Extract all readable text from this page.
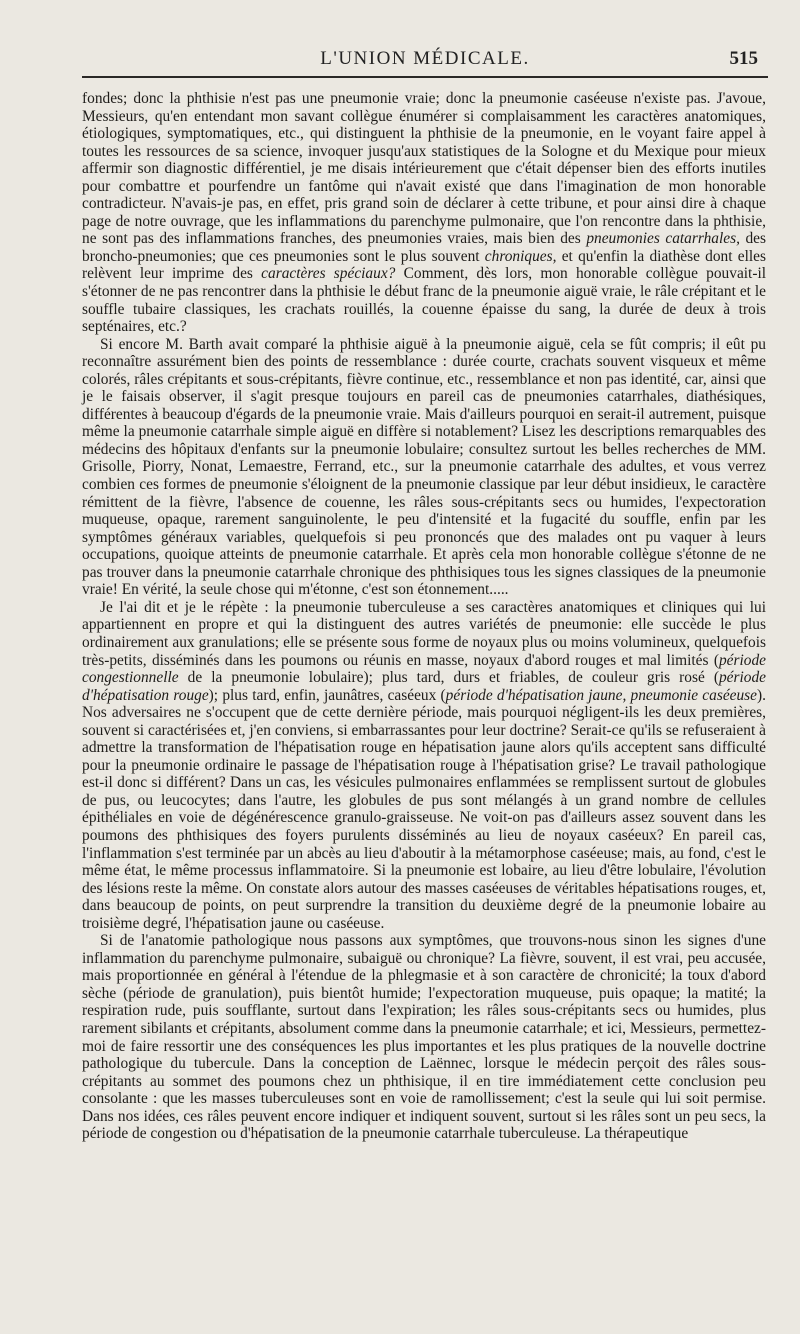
L'UNION MÉDICALE.	515

fondes; donc la phthisie n'est pas une pneumonie vraie; donc la pneumonie caséeuse n'existe pas. J'avoue, Messieurs, qu'en entendant mon savant collègue énumérer si complaisamment les caractères anatomiques, étiologiques, symptomatiques, etc., qui distinguent la phthisie de la pneumonie, en le voyant faire appel à toutes les ressources de sa science, invoquer jusqu'aux statistiques de la Sologne et du Mexique pour mieux affermir son diagnostic différentiel, je me disais intérieurement que c'était dépenser bien des efforts inutiles pour combattre et pourfendre un fantôme qui n'avait existé que dans l'imagination de mon honorable contradicteur. N'avais-je pas, en effet, pris grand soin de déclarer à cette tribune, et pour ainsi dire à chaque page de notre ouvrage, que les inflammations du parenchyme pulmonaire, que l'on rencontre dans la phthisie, ne sont pas des inflammations franches, des pneumonies vraies, mais bien des pneumonies catarrhales, des broncho-pneumonies; que ces pneumonies sont le plus souvent chroniques, et qu'enfin la diathèse dont elles relèvent leur imprime des caractères spéciaux? Comment, dès lors, mon honorable collègue pouvait-il s'étonner de ne pas rencontrer dans la phthisie le début franc de la pneumonie aiguë vraie, le râle crépitant et le souffle tubaire classiques, les crachats rouillés, la couenne épaisse du sang, la durée de deux à trois septénaires, etc.?

Si encore M. Barth avait comparé la phthisie aiguë à la pneumonie aiguë, cela se fût compris; il eût pu reconnaître assurément bien des points de ressemblance : durée courte, crachats souvent visqueux et même colorés, râles crépitants et sous-crépitants, fièvre continue, etc., ressemblance et non pas identité, car, ainsi que je le faisais observer, il s'agit presque toujours en pareil cas de pneumonies catarrhales, diathésiques, différentes à beaucoup d'égards de la pneumonie vraie. Mais d'ailleurs pourquoi en serait-il autrement, puisque même la pneumonie catarrhale simple aiguë en diffère si notablement? Lisez les descriptions remarquables des médecins des hôpitaux d'enfants sur la pneumonie lobulaire; consultez surtout les belles recherches de MM. Grisolle, Piorry, Nonat, Lemaestre, Ferrand, etc., sur la pneumonie catarrhale des adultes, et vous verrez combien ces formes de pneumonie s'éloignent de la pneumonie classique par leur début insidieux, le caractère rémittent de la fièvre, l'absence de couenne, les râles sous-crépitants secs ou humides, l'expectoration muqueuse, opaque, rarement sanguinolente, le peu d'intensité et la fugacité du souffle, enfin par les symptômes généraux variables, quelquefois si peu prononcés que des malades ont pu vaquer à leurs occupations, quoique atteints de pneumonie catarrhale. Et après cela mon honorable collègue s'étonne de ne pas trouver dans la pneumonie catarrhale chronique des phthisiques tous les signes classiques de la pneumonie vraie! En vérité, la seule chose qui m'étonne, c'est son étonnement.....

Je l'ai dit et je le répète : la pneumonie tuberculeuse a ses caractères anatomiques et cliniques qui lui appartiennent en propre et qui la distinguent des autres variétés de pneumonie: elle succède le plus ordinairement aux granulations; elle se présente sous forme de noyaux plus ou moins volumineux, quelquefois très-petits, disséminés dans les poumons ou réunis en masse, noyaux d'abord rouges et mal limités (période congestionnelle de la pneumonie lobulaire); plus tard, durs et friables, de couleur gris rosé (période d'hépatisation rouge); plus tard, enfin, jaunâtres, caséeux (période d'hépatisation jaune, pneumonie caséeuse). Nos adversaires ne s'occupent que de cette dernière période, mais pourquoi négligent-ils les deux premières, souvent si caractérisées et, j'en conviens, si embarrassantes pour leur doctrine? Serait-ce qu'ils se refuseraient à admettre la transformation de l'hépatisation rouge en hépatisation jaune alors qu'ils acceptent sans difficulté pour la pneumonie ordinaire le passage de l'hépatisation rouge à l'hépatisation grise? Le travail pathologique est-il donc si différent? Dans un cas, les vésicules pulmonaires enflammées se remplissent surtout de globules de pus, ou leucocytes; dans l'autre, les globules de pus sont mélangés à un grand nombre de cellules épithéliales en voie de dégénérescence granulo-graisseuse. Ne voit-on pas d'ailleurs assez souvent dans les poumons des phthisiques des foyers purulents disséminés au lieu de noyaux caséeux? En pareil cas, l'inflammation s'est terminée par un abcès au lieu d'aboutir à la métamorphose caséeuse; mais, au fond, c'est le même état, le même processus inflammatoire. Si la pneumonie est lobaire, au lieu d'être lobulaire, l'évolution des lésions reste la même. On constate alors autour des masses caséeuses de véritables hépatisations rouges, et, dans beaucoup de points, on peut surprendre la transition du deuxième degré de la pneumonie lobaire au troisième degré, l'hépatisation jaune ou caséeuse.

Si de l'anatomie pathologique nous passons aux symptômes, que trouvons-nous sinon les signes d'une inflammation du parenchyme pulmonaire, subaiguë ou chronique? La fièvre, souvent, il est vrai, peu accusée, mais proportionnée en général à l'étendue de la phlegmasie et à son caractère de chronicité; la toux d'abord sèche (période de granulation), puis bientôt humide; l'expectoration muqueuse, puis opaque; la matité; la respiration rude, puis soufflante, surtout dans l'expiration; les râles sous-crépitants secs ou humides, plus rarement sibilants et crépitants, absolument comme dans la pneumonie catarrhale; et ici, Messieurs, permettez-moi de faire ressortir une des conséquences les plus importantes et les plus pratiques de la nouvelle doctrine pathologique du tubercule. Dans la conception de Laënnec, lorsque le médecin perçoit des râles sous-crépitants au sommet des poumons chez un phthisique, il en tire immédiatement cette conclusion peu consolante : que les masses tuberculeuses sont en voie de ramollissement; c'est la seule qui lui soit permise. Dans nos idées, ces râles peuvent encore indiquer et indiquent souvent, surtout si les râles sont un peu secs, la période de congestion ou d'hépatisation de la pneumonie catarrhale tuberculeuse. La thérapeutique
